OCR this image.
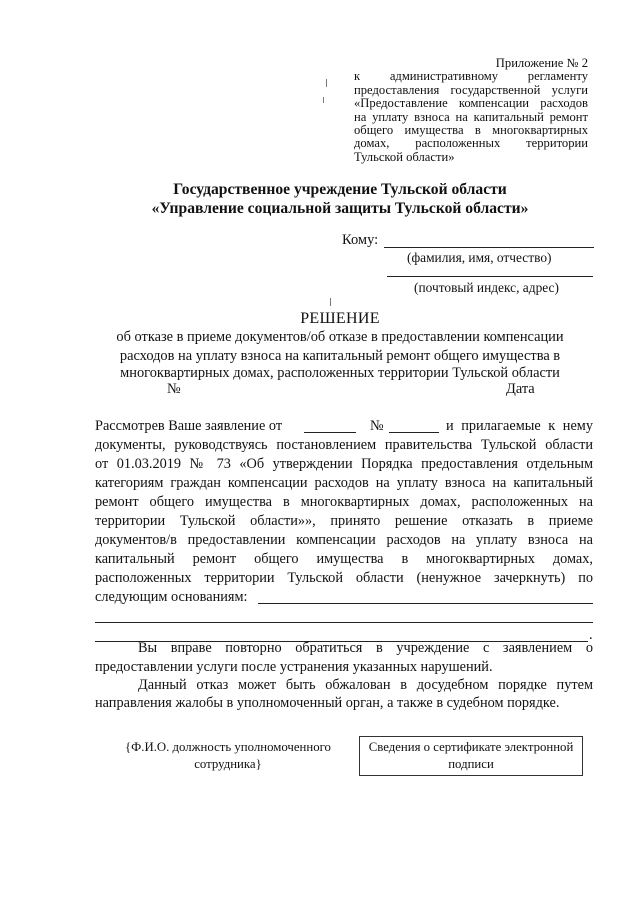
Приложение № 2
к административному регламенту
предоставления государственной услуги
«Предоставление компенсации расходов
на уплату взноса на капитальный ремонт
общего имущества в многоквартирных
домах, расположенных территории
Тульской области»
Государственное учреждение Тульской области
«Управление социальной защиты Тульской области»
Кому:
(фамилия, имя, отчество)
(почтовый индекс, адрес)
РЕШЕНИЕ
об отказе в приеме документов/об отказе в предоставлении компенсации
расходов на уплату взноса на капитальный ремонт общего имущества в
многоквартирных домах, расположенных территории Тульской области
№	Дата
Рассмотрев Ваше заявление от	№	и прилагаемые к нему
документы, руководствуясь постановлением правительства Тульской области
от 01.03.2019 № 73 «Об утверждении Порядка предоставления отдельным
категориям граждан компенсации расходов на уплату взноса на капитальный
ремонт общего имущества в многоквартирных домах, расположенных на
территории Тульской области»», принято решение отказать в приеме
документов/в предоставлении компенсации расходов на уплату взноса на
капитальный ремонт общего имущества в многоквартирных домах,
расположенных территории Тульской области (ненужное зачеркнуть) по
следующим основаниям:
.
Вы вправе повторно обратиться в учреждение с заявлением о
предоставлении услуги после устранения указанных нарушений.
Данный отказ может быть обжалован в досудебном порядке путем
направления жалобы в уполномоченный орган, а также в судебном порядке.
{Ф.И.О. должность уполномоченного
сотрудника}
Сведения о сертификате электронной
подписи
